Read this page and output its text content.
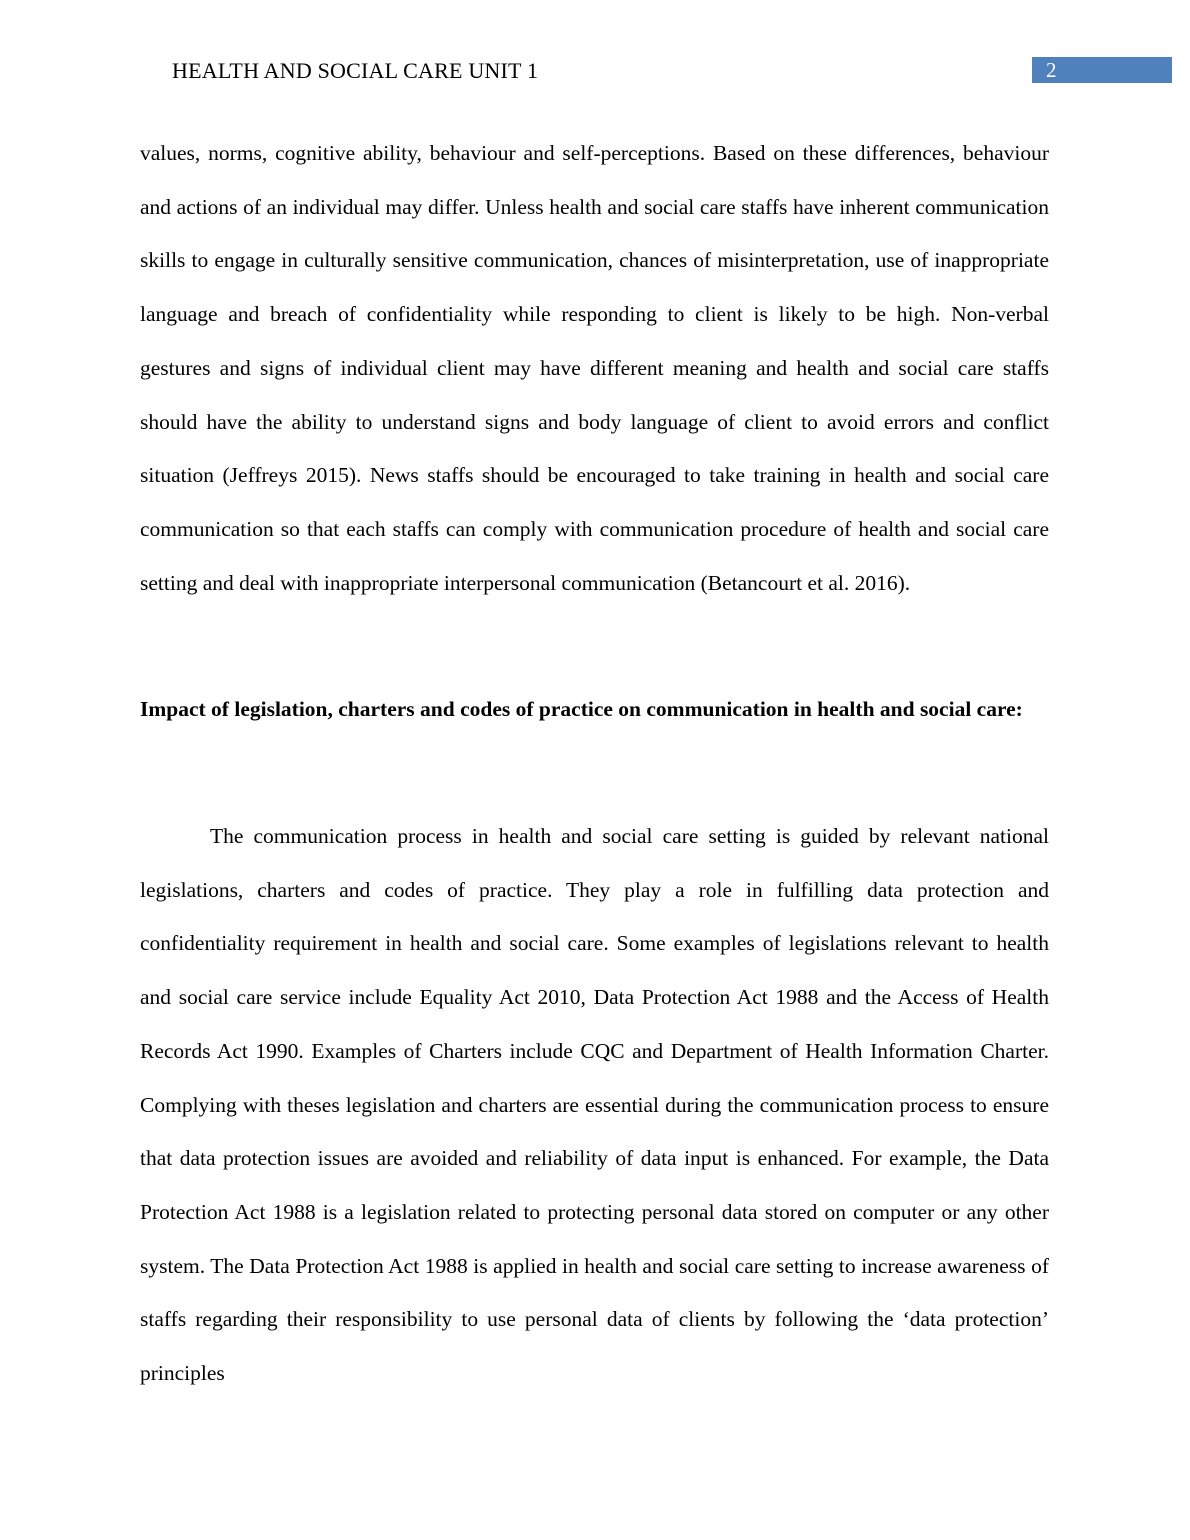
HEALTH AND SOCIAL CARE UNIT 1	2

values, norms, cognitive ability, behaviour and self-perceptions. Based on these differences, behaviour and actions of an individual may differ. Unless health and social care staffs have inherent communication skills to engage in culturally sensitive communication, chances of misinterpretation, use of inappropriate language and breach of confidentiality while responding to client is likely to be high. Non-verbal gestures and signs of individual client may have different meaning and health and social care staffs should have the ability to understand signs and body language of client to avoid errors and conflict situation (Jeffreys 2015). News staffs should be encouraged to take training in health and social care communication so that each staffs can comply with communication procedure of health and social care setting and deal with inappropriate interpersonal communication (Betancourt et al. 2016).

Impact of legislation, charters and codes of practice on communication in health and social care:

The communication process in health and social care setting is guided by relevant national legislations, charters and codes of practice. They play a role in fulfilling data protection and confidentiality requirement in health and social care. Some examples of legislations relevant to health and social care service include Equality Act 2010, Data Protection Act 1988 and the Access of Health Records Act 1990. Examples of Charters include CQC and Department of Health Information Charter. Complying with theses legislation and charters are essential during the communication process to ensure that data protection issues are avoided and reliability of data input is enhanced. For example, the Data Protection Act 1988 is a legislation related to protecting personal data stored on computer or any other system. The Data Protection Act 1988 is applied in health and social care setting to increase awareness of staffs regarding their responsibility to use personal data of clients by following the ‘data protection’ principles
